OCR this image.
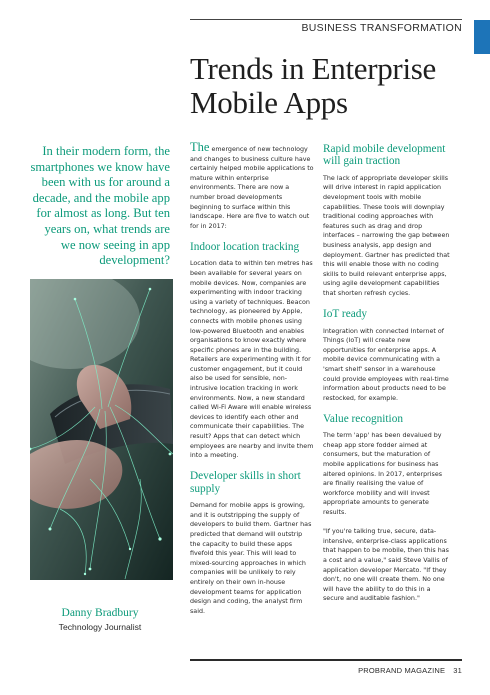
BUSINESS TRANSFORMATION
Trends in Enterprise
Mobile Apps
In their modern form, the smartphones we know have been with us for around a decade, and the mobile app for almost as long. But ten years on, what trends are we now seeing in app development?
Danny Bradbury
Technology Journalist

The emergence of new technology and changes to business culture have certainly helped mobile applications to mature within enterprise environments. There are now a number broad developments beginning to surface within this landscape. Here are five to watch out for in 2017:

Indoor location tracking

Location data to within ten metres has been available for several years on mobile devices. Now, companies are experimenting with indoor tracking using a variety of techniques. Beacon technology, as pioneered by Apple, connects with mobile phones using low-powered Bluetooth and enables organisations to know exactly where specific phones are in the building. Retailers are experimenting with it for customer engagement, but it could also be used for sensible, non-intrusive location tracking in work environments. Now, a new standard called Wi-Fi Aware will enable wireless devices to identify each other and communicate their capabilities. The result? Apps that can detect which employees are nearby and invite them into a meeting.

Developer skills in short supply

Demand for mobile apps is growing, and it is outstripping the supply of developers to build them. Gartner has predicted that demand will outstrip the capacity to build these apps fivefold this year. This will lead to mixed-sourcing approaches in which companies will be unlikely to rely entirely on their own in-house development teams for application design and coding, the analyst firm said.

Rapid mobile development will gain traction

The lack of appropriate developer skills will drive interest in rapid application development tools with mobile capabilities. These tools will downplay traditional coding approaches with features such as drag and drop interfaces – narrowing the gap between business analysis, app design and deployment. Gartner has predicted that this will enable those with no coding skills to build relevant enterprise apps, using agile development capabilities that shorten refresh cycles.

IoT ready

Integration with connected Internet of Things (IoT) will create new opportunities for enterprise apps. A mobile device communicating with a 'smart shelf' sensor in a warehouse could provide employees with real-time information about products need to be restocked, for example.

Value recognition

The term 'app' has been devalued by cheap app store fodder aimed at consumers, but the maturation of mobile applications for business has altered opinions. In 2017, enterprises are finally realising the value of workforce mobility and will invest appropriate amounts to generate results.

"If you're talking true, secure, data-intensive, enterprise-class applications that happen to be mobile, then this has a cost and a value," said Steve Vallis of application developer Mercato. "If they don't, no one will create them. No one will have the ability to do this in a secure and auditable fashion."

PROBRAND MAGAZINE 31
